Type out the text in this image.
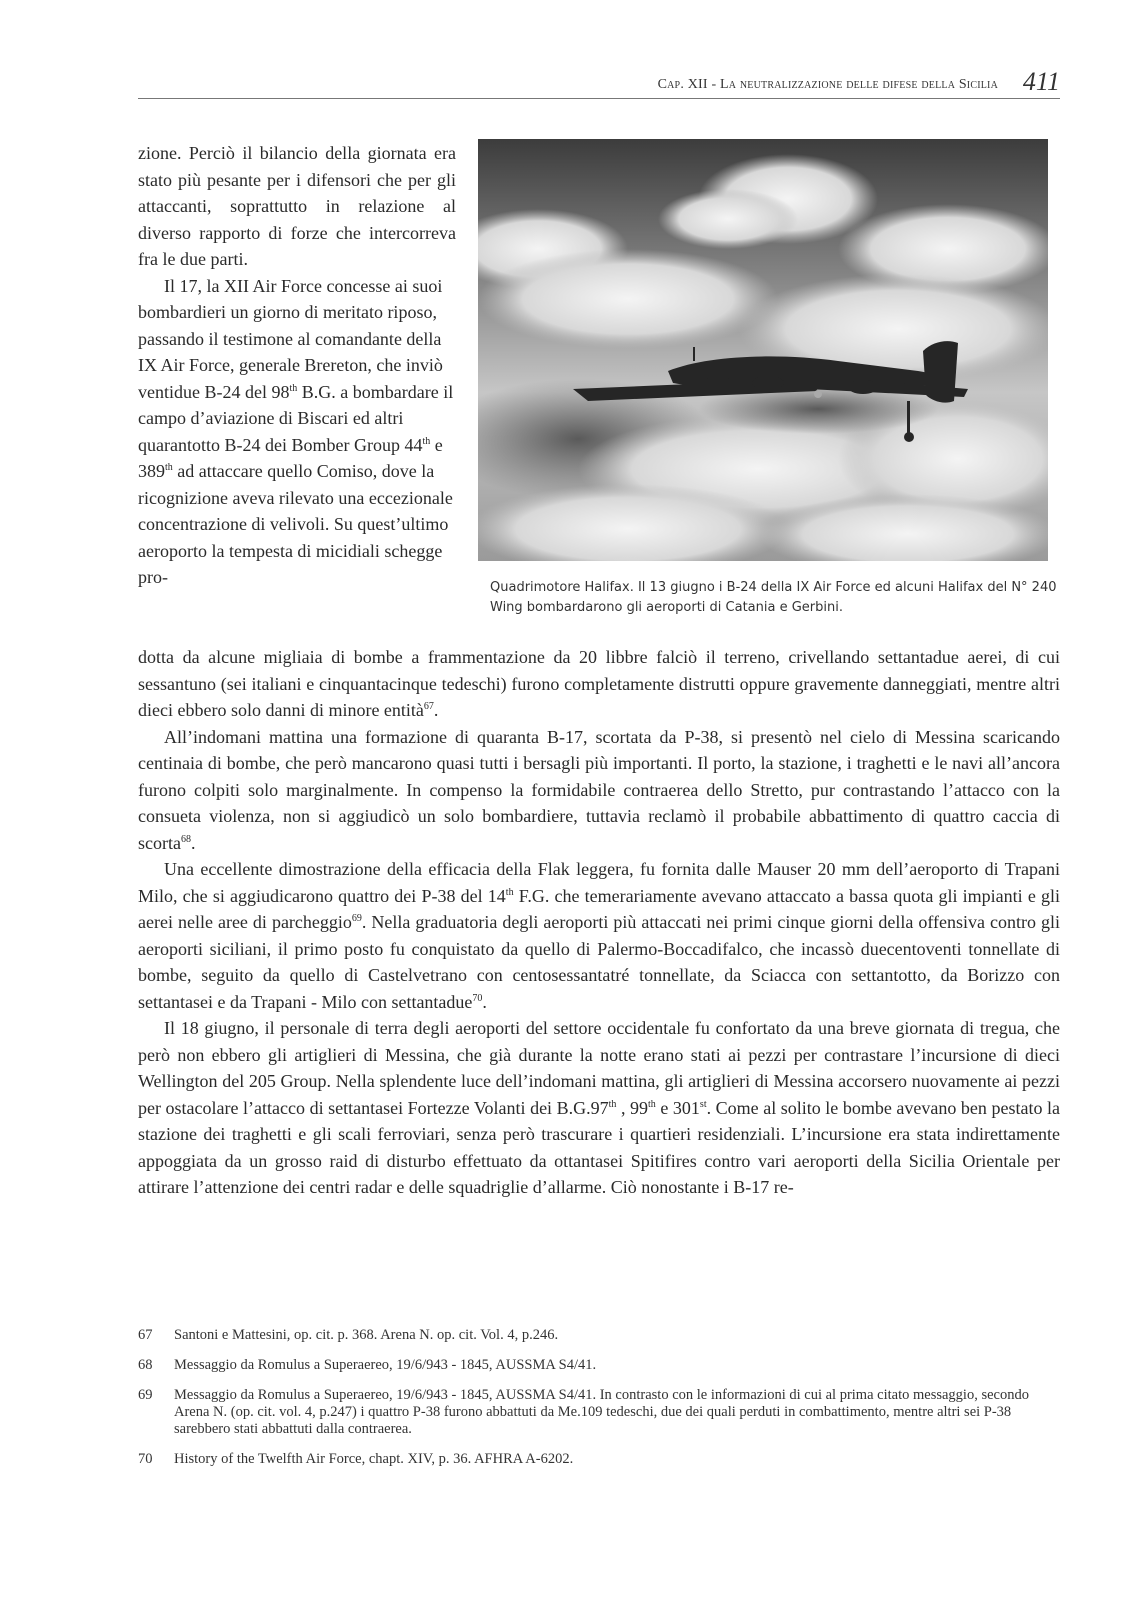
Cap. XII - La neutralizzazione delle difese della Sicilia 411

zione. Perciò il bilancio della giornata era stato più pesante per i difensori che per gli attaccanti, soprattutto in relazione al diverso rapporto di forze che intercorreva fra le due parti.

Il 17, la XII Air Force concesse ai suoi bombardieri un giorno di meritato riposo, passando il testimone al comandante della IX Air Force, generale Brereton, che inviò ventidue B-24 del 98th B.G. a bombardare il campo d’aviazione di Biscari ed altri quarantotto B-24 dei Bomber Group 44th e 389th ad attaccare quello Comiso, dove la ricognizione aveva rilevato una eccezionale concentrazione di velivoli. Su quest’ultimo aeroporto la tempesta di micidiali schegge pro-

Quadrimotore Halifax. Il 13 giugno i B-24 della IX Air Force ed alcuni Halifax del N° 240 Wing bombardarono gli aeroporti di Catania e Gerbini.

dotta da alcune migliaia di bombe a frammentazione da 20 libbre falciò il terreno, crivellando settantadue aerei, di cui sessantuno (sei italiani e cinquantacinque tedeschi) furono completamente distrutti oppure gravemente danneggiati, mentre altri dieci ebbero solo danni di minore entità$^{67}$.

All’indomani mattina una formazione di quaranta B-17, scortata da P-38, si presentò nel cielo di Messina scaricando centinaia di bombe, che però mancarono quasi tutti i bersagli più importanti. Il porto, la stazione, i traghetti e le navi all’ancora furono colpiti solo marginalmente. In compenso la formidabile contraerea dello Stretto, pur contrastando l’attacco con la consueta violenza, non si aggiudicò un solo bombardiere, tuttavia reclamò il probabile abbattimento di quattro caccia di scorta$^{68}$.

Una eccellente dimostrazione della efficacia della Flak leggera, fu fornita dalle Mauser 20 mm dell’aeroporto di Trapani Milo, che si aggiudicarono quattro dei P-38 del 14th F.G. che temerariamente avevano attaccato a bassa quota gli impianti e gli aerei nelle aree di parcheggio$^{69}$. Nella graduatoria degli aeroporti più attaccati nei primi cinque giorni della offensiva contro gli aeroporti siciliani, il primo posto fu conquistato da quello di Palermo-Boccadifalco, che incassò duecentoventi tonnellate di bombe, seguito da quello di Castelvetrano con centosessantatré tonnellate, da Sciacca con settantotto, da Borizzo con settantasei e da Trapani - Milo con settantadue$^{70}$.

Il 18 giugno, il personale di terra degli aeroporti del settore occidentale fu confortato da una breve giornata di tregua, che però non ebbero gli artiglieri di Messina, che già durante la notte erano stati ai pezzi per contrastare l’incursione di dieci Wellington del 205 Group. Nella splendente luce dell’indomani mattina, gli artiglieri di Messina accorsero nuovamente ai pezzi per ostacolare l’attacco di settantasei Fortezze Volanti dei B.G.97th , 99th e 301st. Come al solito le bombe avevano ben pestato la stazione dei traghetti e gli scali ferroviari, senza però trascurare i quartieri residenziali. L’incursione era stata indirettamente appoggiata da un grosso raid di disturbo effettuato da ottantasei Spitifires contro vari aeroporti della Sicilia Orientale per attirare l’attenzione dei centri radar e delle squadriglie d’allarme. Ciò nonostante i B-17 re-

67 Santoni e Mattesini, op. cit. p. 368. Arena N. op. cit. Vol. 4, p.246.
68 Messaggio da Romulus a Superaereo, 19/6/943 - 1845, AUSSMA S4/41.
69 Messaggio da Romulus a Superaereo, 19/6/943 - 1845, AUSSMA S4/41. In contrasto con le informazioni di cui al prima citato messaggio, secondo Arena N. (op. cit. vol. 4, p.247) i quattro P-38 furono abbattuti da Me.109 tedeschi, due dei quali perduti in combattimento, mentre altri sei P-38 sarebbero stati abbattuti dalla contraerea.
70 History of the Twelfth Air Force, chapt. XIV, p. 36. AFHRA A-6202.
